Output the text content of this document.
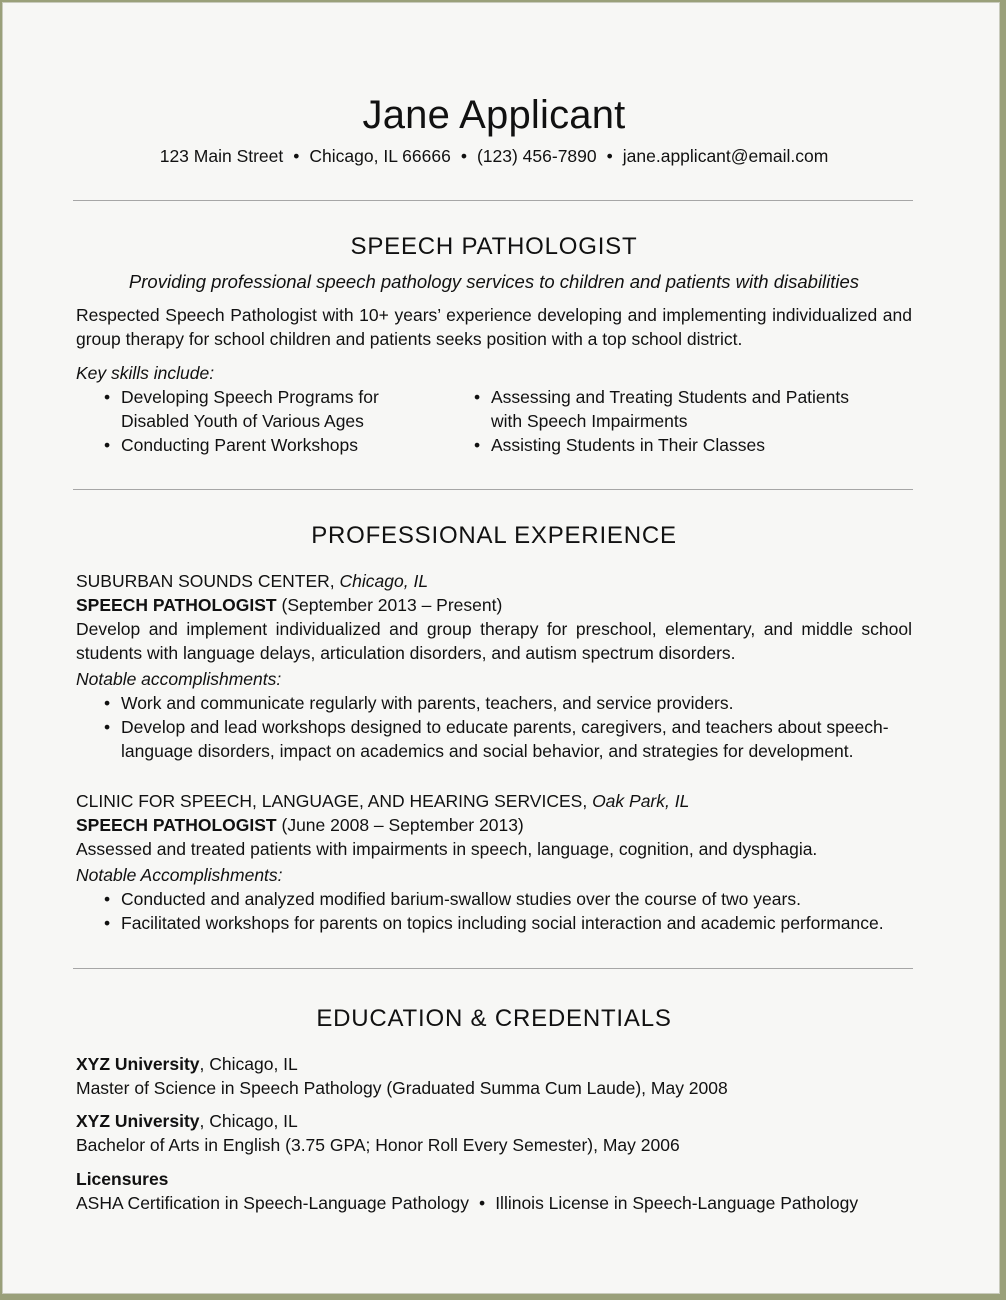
Jane Applicant
123 Main Street • Chicago, IL 66666 • (123) 456-7890 • jane.applicant@email.com
SPEECH PATHOLOGIST
Providing professional speech pathology services to children and patients with disabilities
Respected Speech Pathologist with 10+ years’ experience developing and implementing individualized and group therapy for school children and patients seeks position with a top school district.
Key skills include:
• Developing Speech Programs for Disabled Youth of Various Ages
• Conducting Parent Workshops
• Assessing and Treating Students and Patients with Speech Impairments
• Assisting Students in Their Classes
PROFESSIONAL EXPERIENCE
SUBURBAN SOUNDS CENTER, Chicago, IL
SPEECH PATHOLOGIST (September 2013 – Present)
Develop and implement individualized and group therapy for preschool, elementary, and middle school students with language delays, articulation disorders, and autism spectrum disorders.
Notable accomplishments:
• Work and communicate regularly with parents, teachers, and service providers.
• Develop and lead workshops designed to educate parents, caregivers, and teachers about speech-language disorders, impact on academics and social behavior, and strategies for development.
CLINIC FOR SPEECH, LANGUAGE, AND HEARING SERVICES, Oak Park, IL
SPEECH PATHOLOGIST (June 2008 – September 2013)
Assessed and treated patients with impairments in speech, language, cognition, and dysphagia.
Notable Accomplishments:
• Conducted and analyzed modified barium-swallow studies over the course of two years.
• Facilitated workshops for parents on topics including social interaction and academic performance.
EDUCATION & CREDENTIALS
XYZ University, Chicago, IL
Master of Science in Speech Pathology (Graduated Summa Cum Laude), May 2008
XYZ University, Chicago, IL
Bachelor of Arts in English (3.75 GPA; Honor Roll Every Semester), May 2006
Licensures
ASHA Certification in Speech-Language Pathology • Illinois License in Speech-Language Pathology
